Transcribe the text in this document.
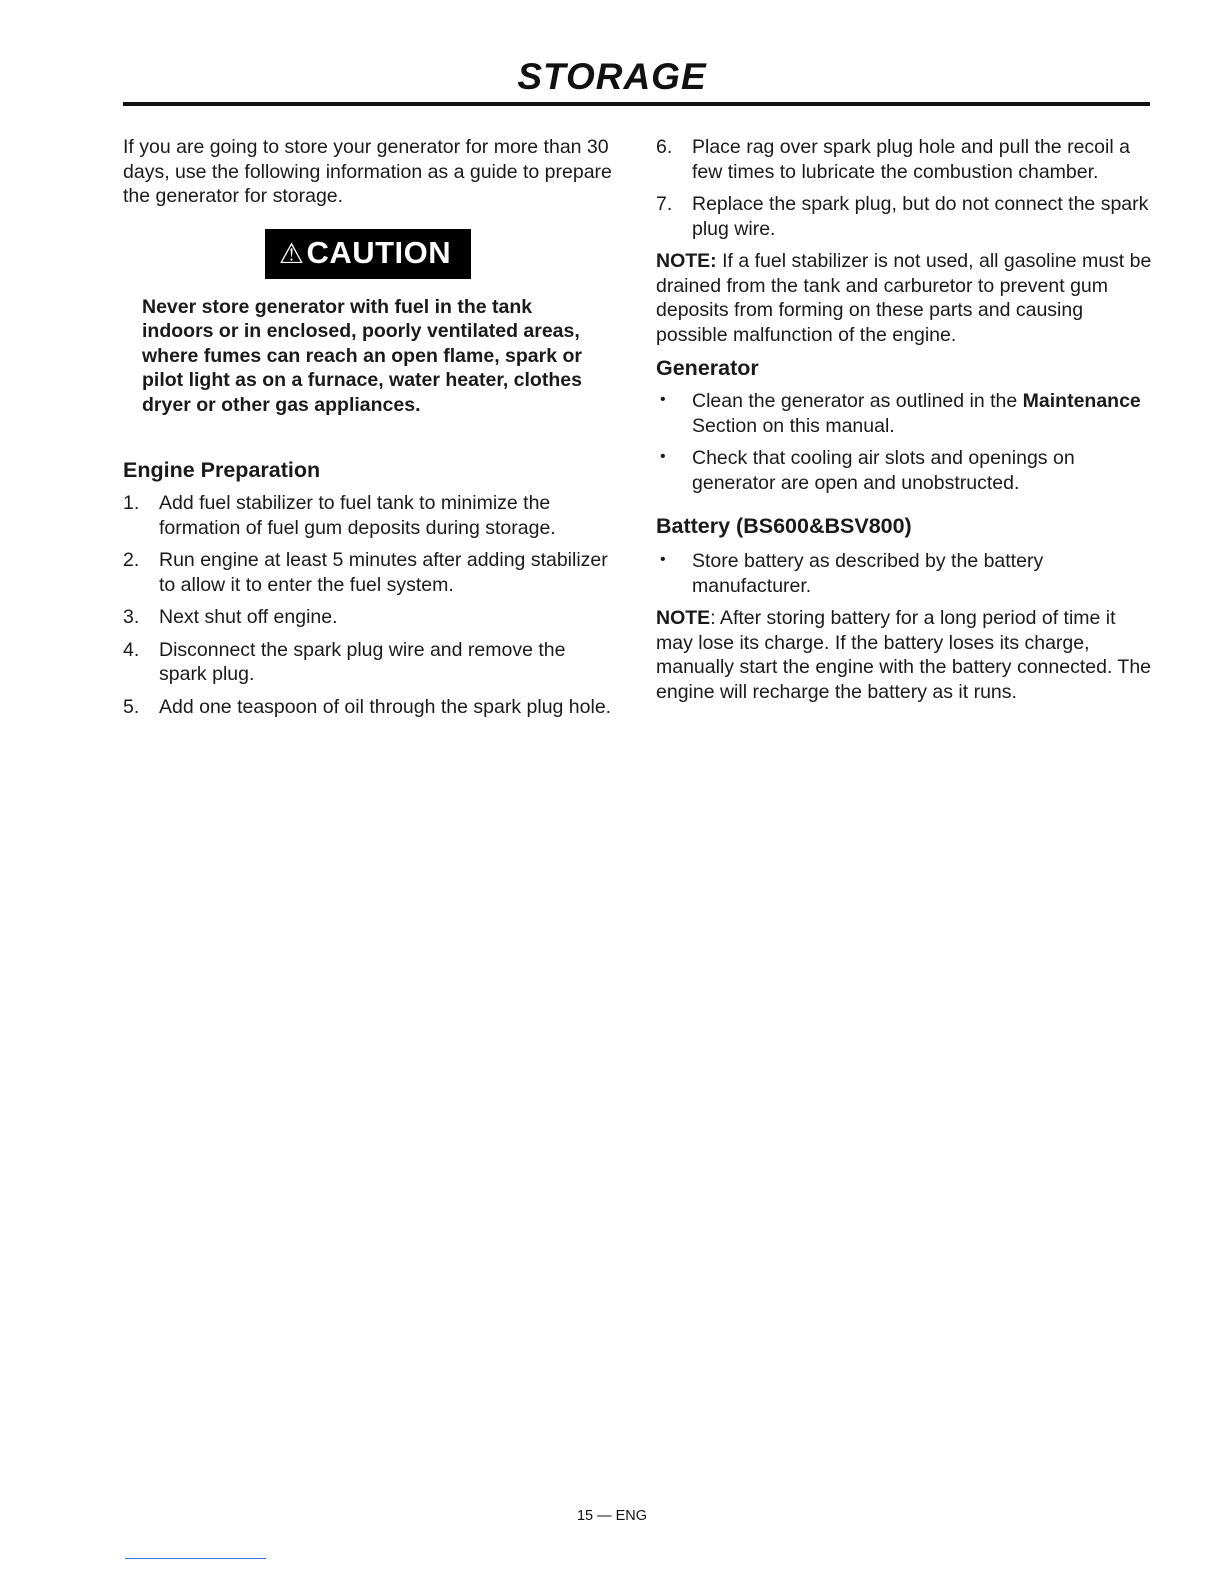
STORAGE

If you are going to store your generator for more than 30 days, use the following information as a guide to prepare the generator for storage.

⚠CAUTION

Never store generator with fuel in the tank indoors or in enclosed, poorly ventilated areas, where fumes can reach an open flame, spark or pilot light as on a furnace, water heater, clothes dryer or other gas appliances.

Engine Preparation
1. Add fuel stabilizer to fuel tank to minimize the formation of fuel gum deposits during storage.
2. Run engine at least 5 minutes after adding stabilizer to allow it to enter the fuel system.
3. Next shut off engine.
4. Disconnect the spark plug wire and remove the spark plug.
5. Add one teaspoon of oil through the spark plug hole.
6. Place rag over spark plug hole and pull the recoil a few times to lubricate the combustion chamber.
7. Replace the spark plug, but do not connect the spark plug wire.

NOTE: If a fuel stabilizer is not used, all gasoline must be drained from the tank and carburetor to prevent gum deposits from forming on these parts and causing possible malfunction of the engine.

Generator
• Clean the generator as outlined in the Maintenance Section on this manual.
• Check that cooling air slots and openings on generator are open and unobstructed.
Battery (BS600&BSV800)
• Store battery as described by the battery manufacturer.

NOTE: After storing battery for a long period of time it may lose its charge. If the battery loses its charge, manually start the engine with the battery connected. The engine will recharge the battery as it runs.

15 — ENG
